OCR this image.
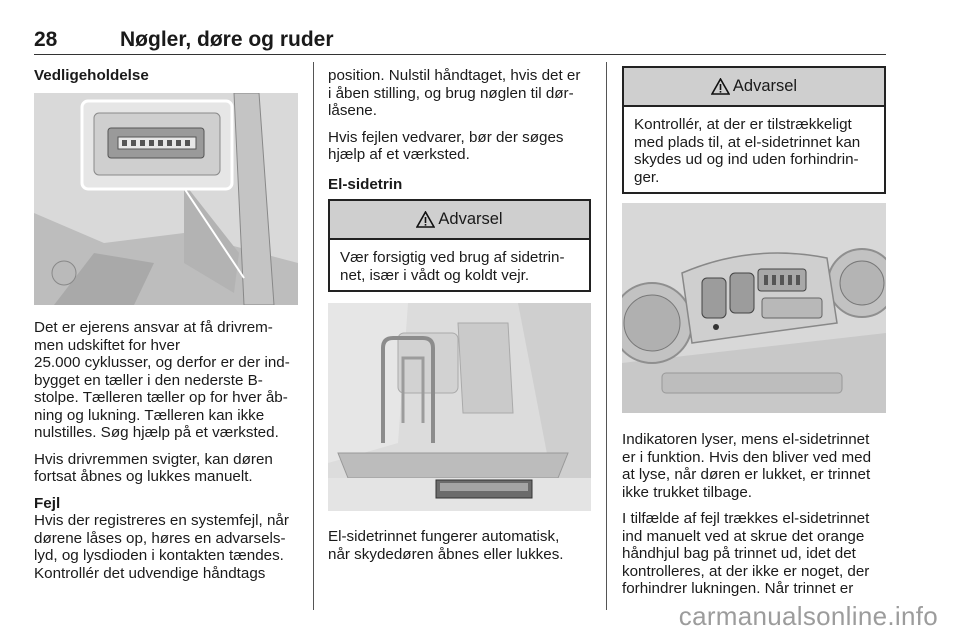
28	Nøgler, døre og ruder
Vedligeholdelse

Det er ejerens ansvar at få drivrem-
men udskiftet for hver
25.000 cyklusser, og derfor er der ind-
bygget en tæller i den nederste B-
stolpe. Tælleren tæller op for hver åb-
ning og lukning. Tælleren kan ikke
nulstilles. Søg hjælp på et værksted.

Hvis drivremmen svigter, kan døren
fortsat åbnes og lukkes manuelt.

Fejl

Hvis der registreres en systemfejl, når
dørene låses op, høres en advarsels-
lyd, og lysdioden i kontakten tændes.
Kontrollér det udvendige håndtags

position. Nulstil håndtaget, hvis det er
i åben stilling, og brug nøglen til dør-
låsene.

Hvis fejlen vedvarer, bør der søges
hjælp af et værksted.

El-sidetrin
Advarsel
Vær forsigtig ved brug af sidetrin-
net, især i vådt og koldt vejr.

El-sidetrinnet fungerer automatisk,
når skydedøren åbnes eller lukkes.

Advarsel
Kontrollér, at der er tilstrækkeligt
med plads til, at el-sidetrinnet kan
skydes ud og ind uden forhindrin-
ger.

Indikatoren lyser, mens el-sidetrinnet
er i funktion. Hvis den bliver ved med
at lyse, når døren er lukket, er trinnet
ikke trukket tilbage.

I tilfælde af fejl trækkes el-sidetrinnet
ind manuelt ved at skrue det orange
håndhjul bag på trinnet ud, idet det
kontrolleres, at der ikke er noget, der
forhindrer lukningen. Når trinnet er

carmanualsonline.info
